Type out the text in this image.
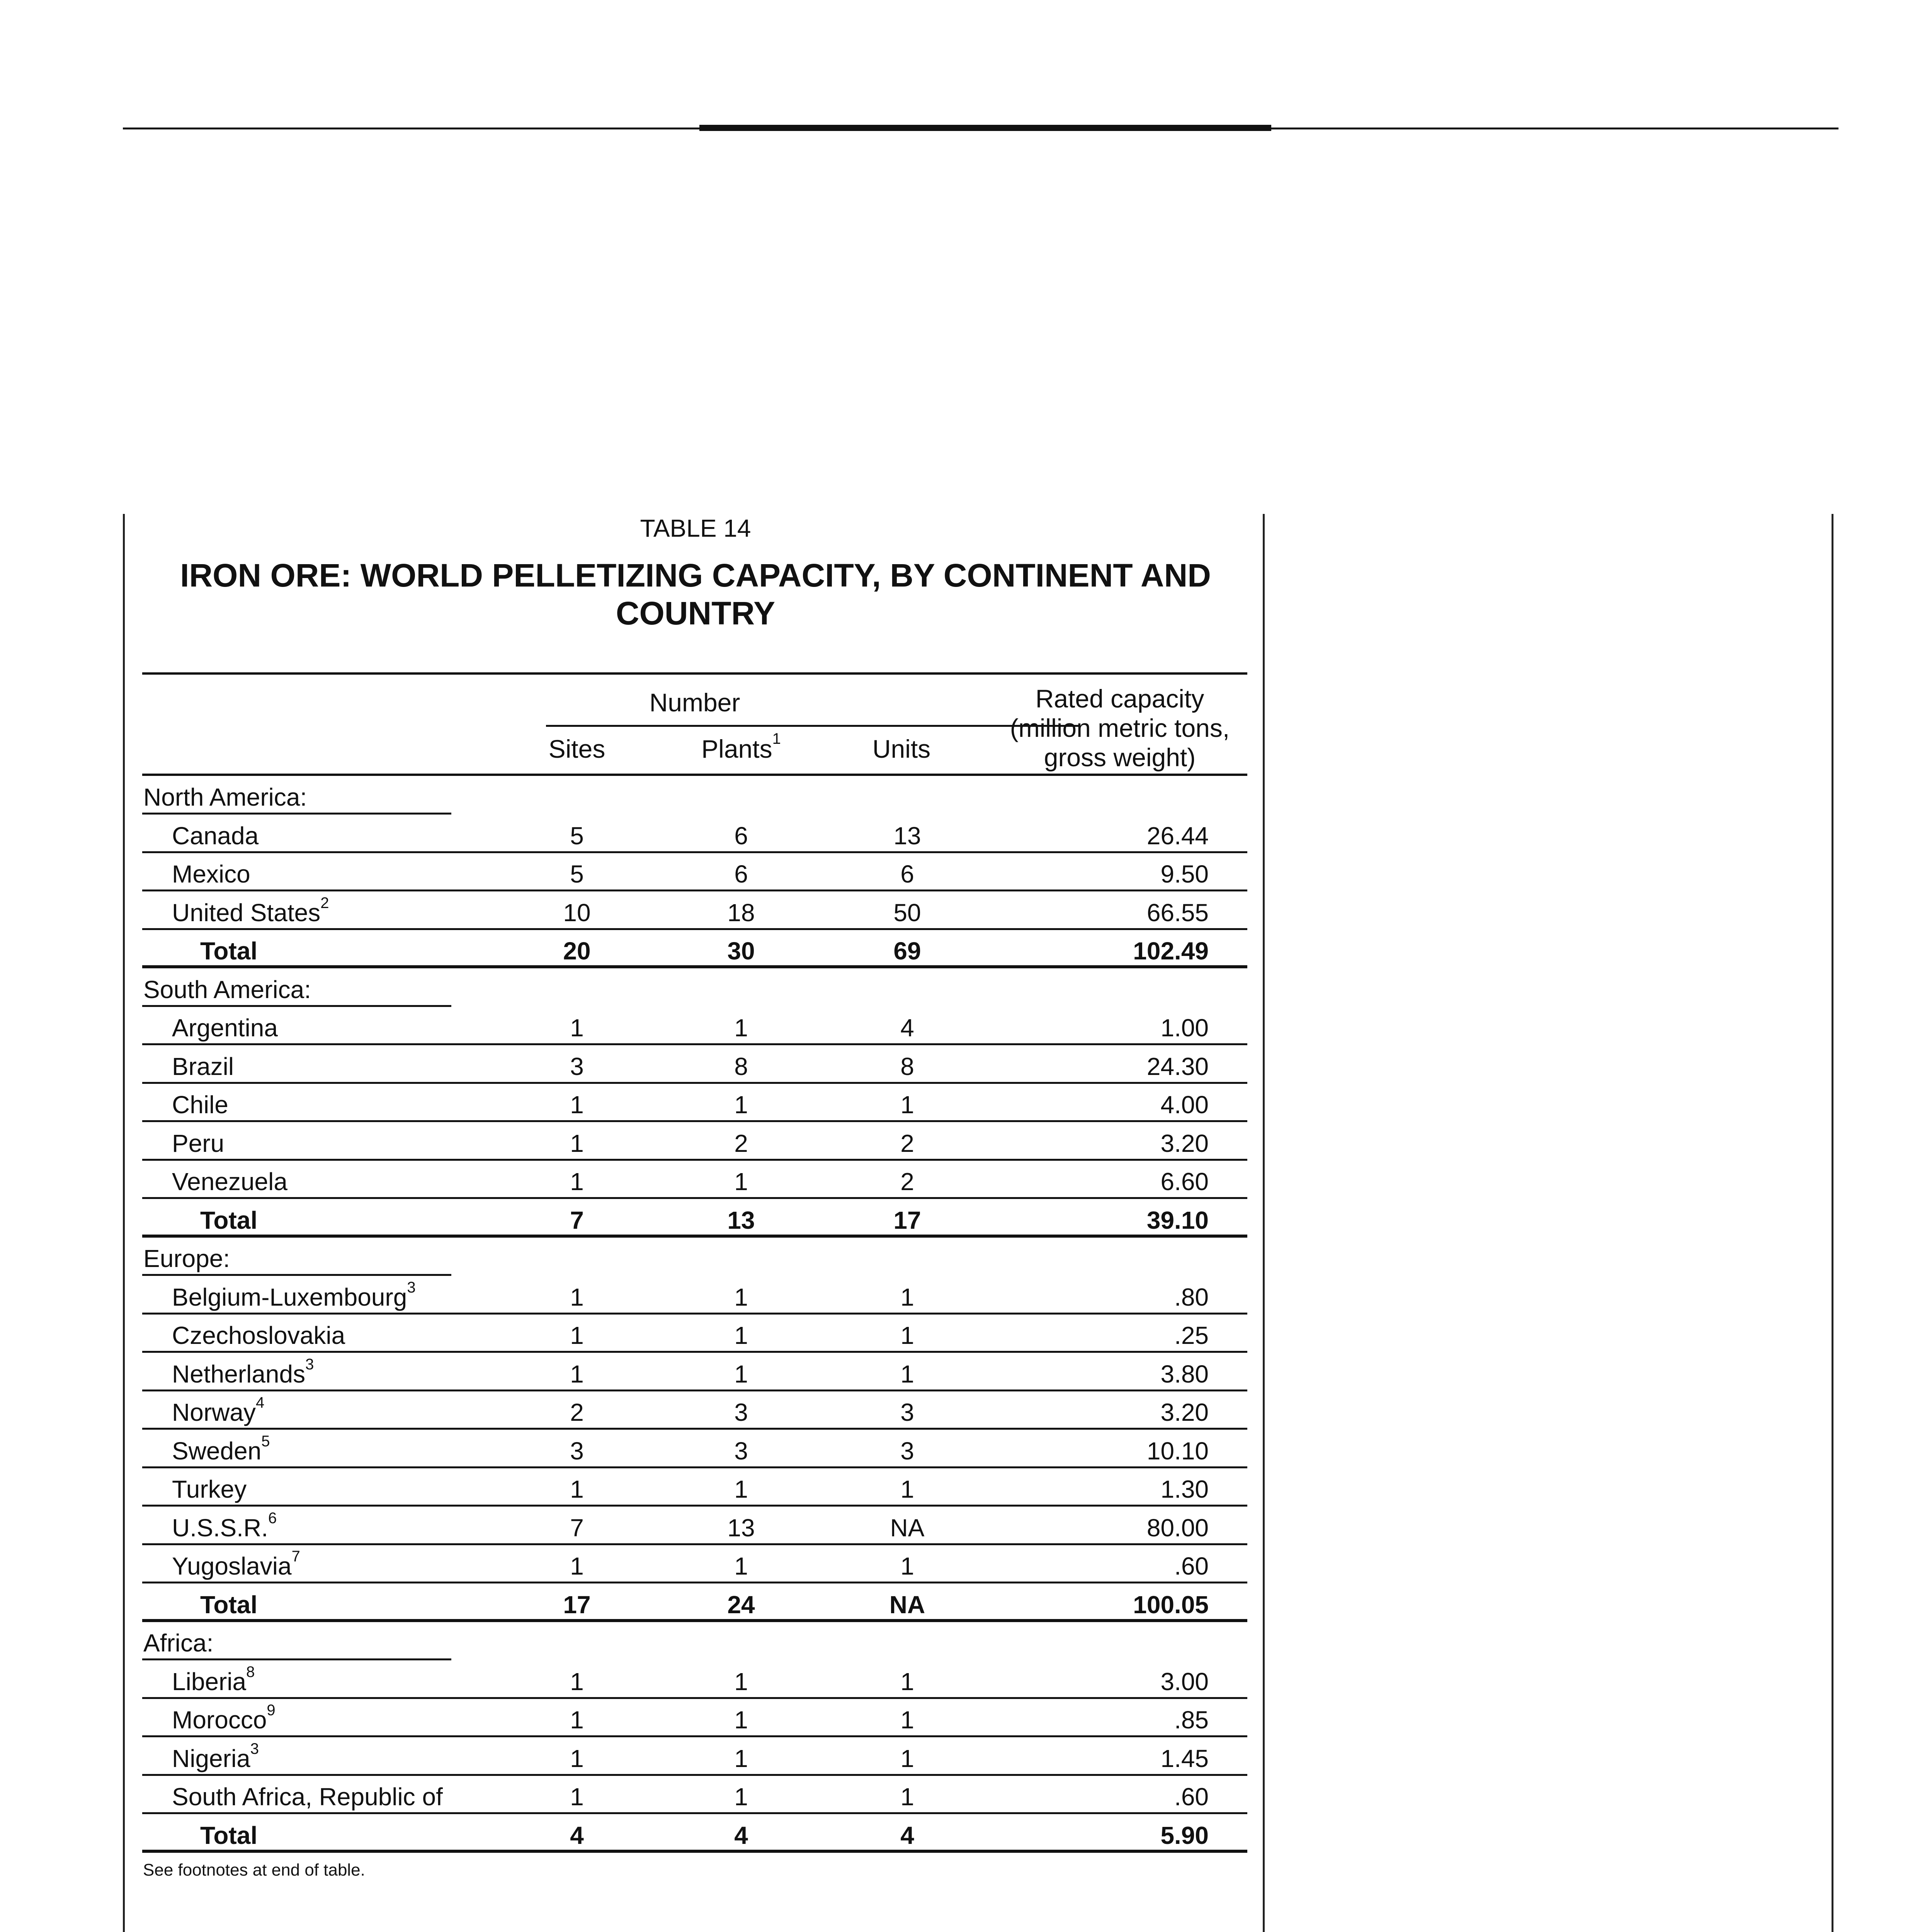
TABLE 14
IRON ORE: WORLD PELLETIZING CAPACITY, BY CONTINENT AND COUNTRY
Number
Sites	Plants$^1$	Units
Rated capacity
(million metric tons,
gross weight)
North America:
Canada	5	6	13	26.44
Mexico	5	6	6	9.50
United States$^2$	10	18	50	66.55
Total	20	30	69	102.49
South America:
Argentina	1	1	4	1.00
Brazil	3	8	8	24.30
Chile	1	1	1	4.00
Peru	1	2	2	3.20
Venezuela	1	1	2	6.60
Total	7	13	17	39.10
Europe:
Belgium-Luxembourg$^3$	1	1	1	.80
Czechoslovakia	1	1	1	.25
Netherlands$^3$	1	1	1	3.80
Norway$^4$	2	3	3	3.20
Sweden$^5$	3	3	3	10.10
Turkey	1	1	1	1.30
U.S.S.R.$^6$	7	13	NA	80.00
Yugoslavia$^7$	1	1	1	.60
Total	17	24	NA	100.05
Africa:
Liberia$^8$	1	1	1	3.00
Morocco$^9$	1	1	1	.85
Nigeria$^3$	1	1	1	1.45
South Africa, Republic of	1	1	1	.60
Total	4	4	4	5.90
See footnotes at end of table.
